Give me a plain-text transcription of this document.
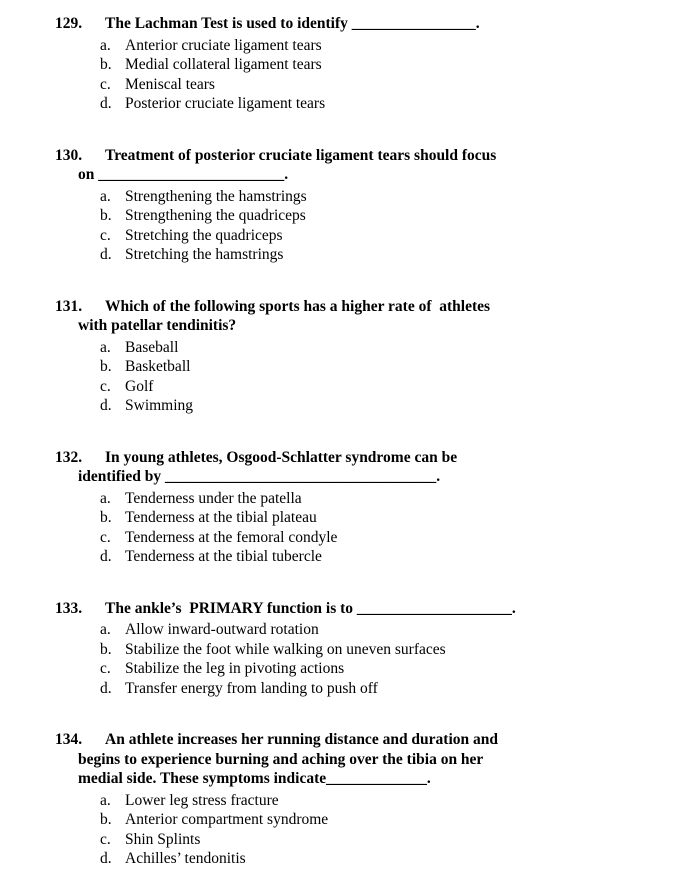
129. The Lachman Test is used to identify ________________.
a. Anterior cruciate ligament tears
b. Medial collateral ligament tears
c. Meniscal tears
d. Posterior cruciate ligament tears
130. Treatment of posterior cruciate ligament tears should focus
on ________________________.
a. Strengthening the hamstrings
b. Strengthening the quadriceps
c. Stretching the quadriceps
d. Stretching the hamstrings
131. Which of the following sports has a higher rate of  athletes
with patellar tendinitis?
a. Baseball
b. Basketball
c. Golf
d. Swimming
132. In young athletes, Osgood-Schlatter syndrome can be
identified by ___________________________________.
a. Tenderness under the patella
b. Tenderness at the tibial plateau
c. Tenderness at the femoral condyle
d. Tenderness at the tibial tubercle
133. The ankle’s  PRIMARY function is to ____________________.
a. Allow inward-outward rotation
b. Stabilize the foot while walking on uneven surfaces
c. Stabilize the leg in pivoting actions
d. Transfer energy from landing to push off
134. An athlete increases her running distance and duration and
begins to experience burning and aching over the tibia on her
medial side. These symptoms indicate_____________.
a. Lower leg stress fracture
b. Anterior compartment syndrome
c. Shin Splints
d. Achilles’ tendonitis
